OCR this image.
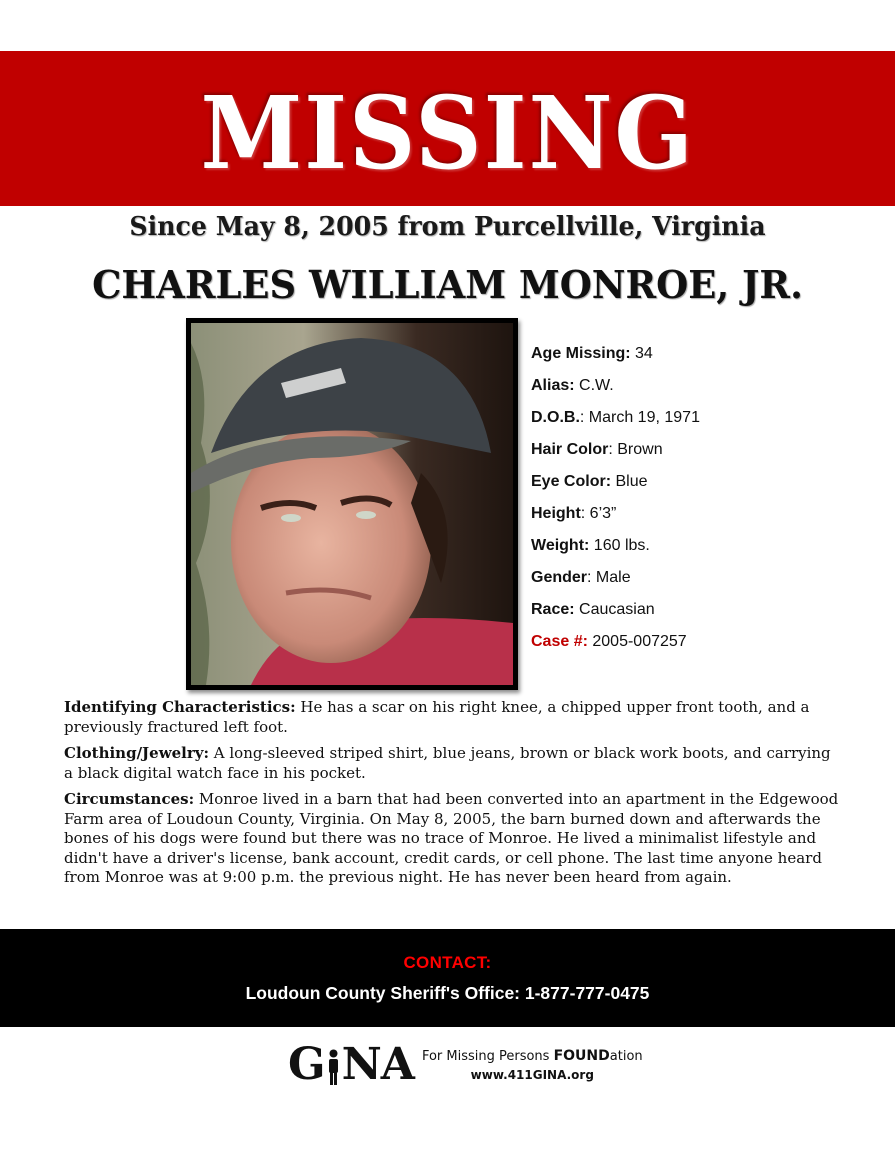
MISSING
Since May 8, 2005 from Purcellville, Virginia
CHARLES WILLIAM MONROE, JR.
Age Missing: 34
Alias: C.W.
D.O.B.: March 19, 1971
Hair Color: Brown
Eye Color: Blue
Height: 6’3”
Weight: 160 lbs.
Gender: Male
Race: Caucasian
Case #: 2005-007257

Identifying Characteristics: He has a scar on his right knee, a chipped upper front tooth, and a previously fractured left foot.

Clothing/Jewelry: A long-sleeved striped shirt, blue jeans, brown or black work boots, and carrying a black digital watch face in his pocket.

Circumstances: Monroe lived in a barn that had been converted into an apartment in the Edgewood Farm area of Loudoun County, Virginia. On May 8, 2005, the barn burned down and afterwards the bones of his dogs were found but there was no trace of Monroe. He lived a minimalist lifestyle and didn't have a driver's license, bank account, credit cards, or cell phone. The last time anyone heard from Monroe was at 9:00 p.m. the previous night. He has never been heard from again.

CONTACT:
Loudoun County Sheriff's Office: 1-877-777-0475
G NA For Missing Persons FOUNDation
www.411GINA.org
